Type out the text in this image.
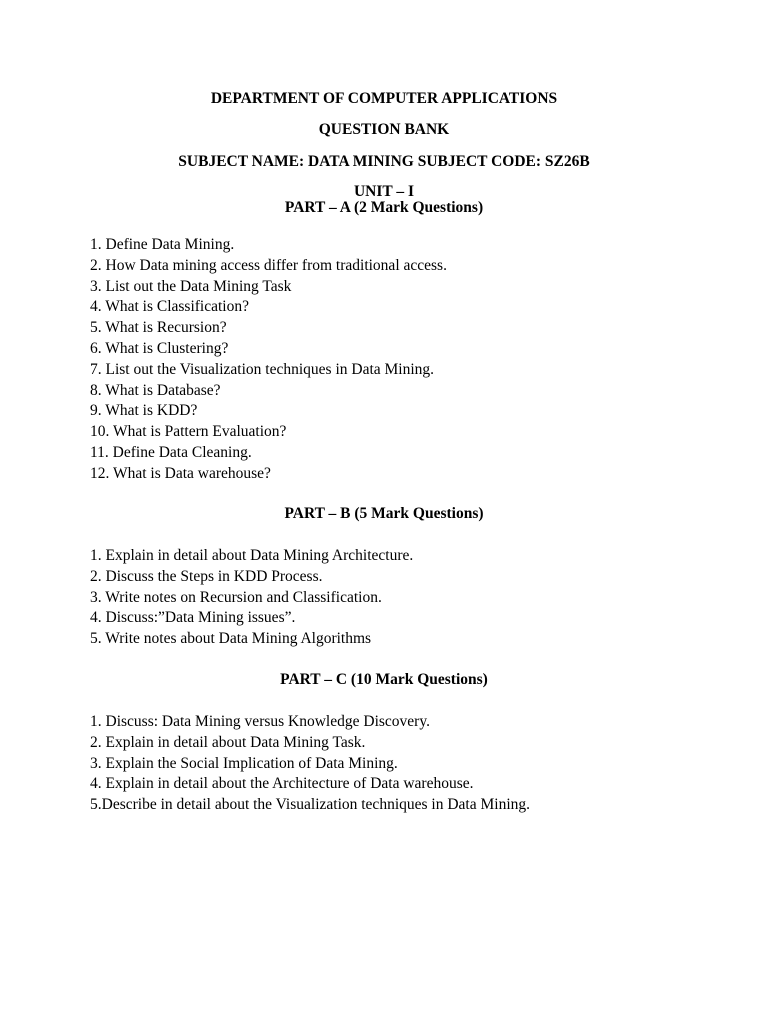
DEPARTMENT OF COMPUTER APPLICATIONS
QUESTION BANK
SUBJECT NAME: DATA MINING SUBJECT CODE: SZ26B
UNIT – I
PART – A (2 Mark Questions)
1. Define Data Mining.
2. How Data mining access differ from traditional access.
3. List out the Data Mining Task
4. What is Classification?
5. What is Recursion?
6. What is Clustering?
7. List out the Visualization techniques in Data Mining.
8. What is Database?
9. What is KDD?
10. What is Pattern Evaluation?
11. Define Data Cleaning.
12. What is Data warehouse?
PART – B (5 Mark Questions)
1. Explain in detail about Data Mining Architecture.
2. Discuss the Steps in KDD Process.
3. Write notes on Recursion and Classification.
4. Discuss:”Data Mining issues”.
5. Write notes about Data Mining Algorithms
PART – C (10 Mark Questions)
1. Discuss: Data Mining versus Knowledge Discovery.
2. Explain in detail about Data Mining Task.
3. Explain the Social Implication of Data Mining.
4. Explain in detail about the Architecture of Data warehouse.
5.Describe in detail about the Visualization techniques in Data Mining.
